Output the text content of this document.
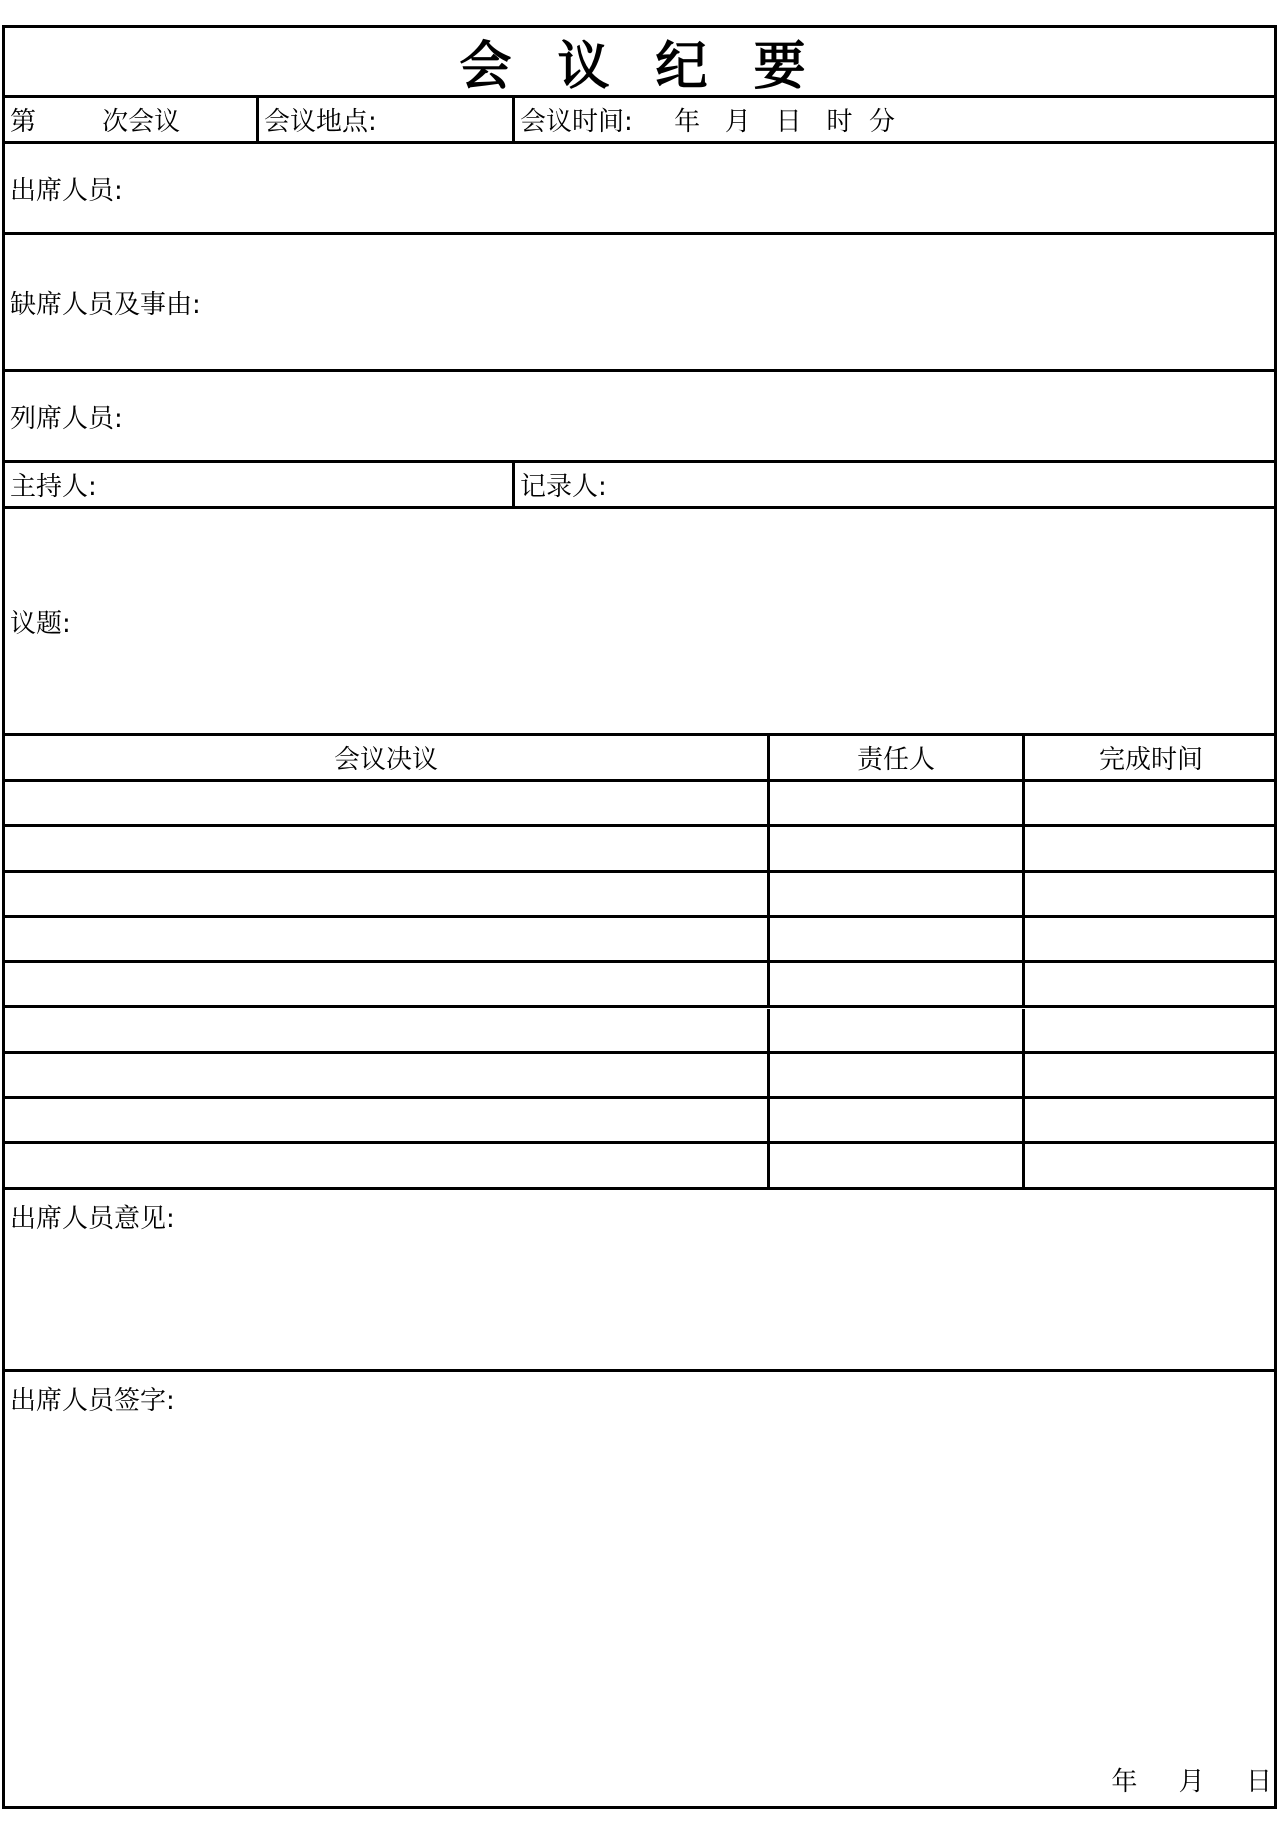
会 议 纪 要
第        次会议	会议地点:	会议时间:     年   月   日   时  分
出席人员:
缺席人员及事由:
列席人员:
主持人:	记录人:
议题:
会议决议	责任人	完成时间
出席人员意见:
出席人员签字:
年     月     日
